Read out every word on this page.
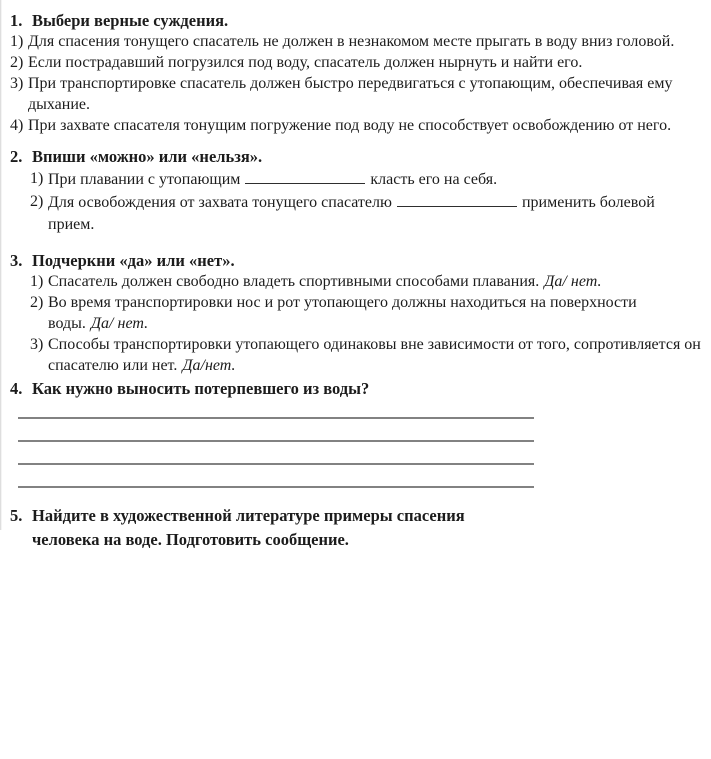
1. Выбери верные суждения.
1) Для спасения тонущего спасатель не должен в незнакомом месте прыгать в воду вниз головой.
2) Если пострадавший погрузился под воду, спасатель должен нырнуть и найти его.
3) При транспортировке спасатель должен быстро передвигаться с утопающим, обеспечивая ему дыхание.
4) При захвате спасателя тонущим погружение под воду не способствует освобождению от него.
2. Впиши «можно» или «нельзя».
1) При плавании с утопающим	класть его на себя.
2) Для освобождения от захвата тонущего спасателю	применить болевой прием.
3. Подчеркни «да» или «нет».
1) Спасатель должен свободно владеть спортивными способами плавания. Да/ нет.
2) Во время транспортировки нос и рот утопающего должны находиться на поверхности воды. Да/ нет.
3) Способы транспортировки утопающего одинаковы вне зависимости от того, сопротивляется он спасателю или нет. Да/нет.
4. Как нужно выносить потерпевшего из воды?
5. Найдите в художественной литературе примеры спасения
человека на воде. Подготовить сообщение.
